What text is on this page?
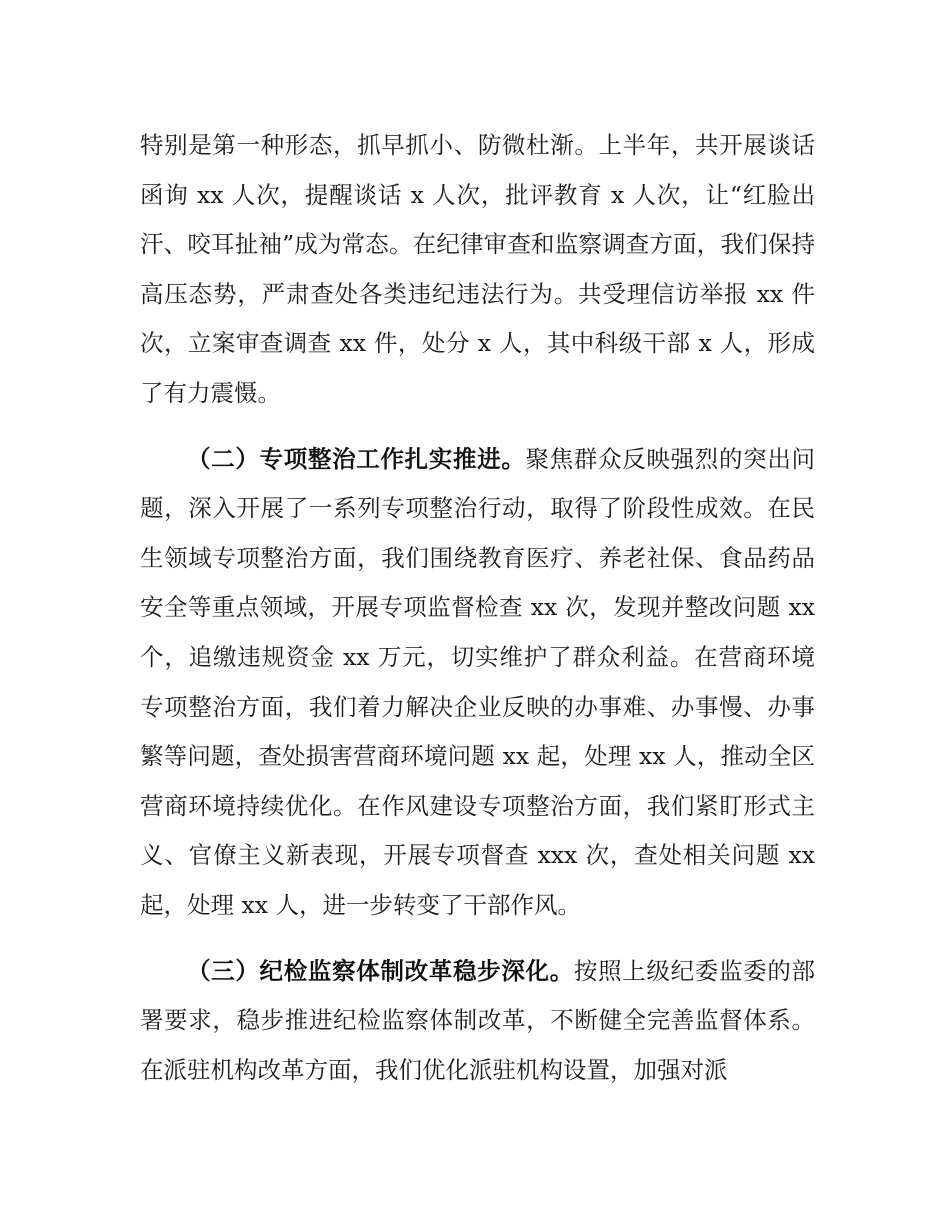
特别是第一种形态，抓早抓小、防微杜渐。上半年，共开展谈话函询 xx 人次，提醒谈话 x 人次，批评教育 x 人次，让“红脸出汗、咬耳扯袖”成为常态。在纪律审查和监察调查方面，我们保持高压态势，严肃查处各类违纪违法行为。共受理信访举报 xx 件次，立案审查调查 xx 件，处分 x 人，其中科级干部 x 人，形成了有力震慑。

（二）专项整治工作扎实推进。聚焦群众反映强烈的突出问题，深入开展了一系列专项整治行动，取得了阶段性成效。在民生领域专项整治方面，我们围绕教育医疗、养老社保、食品药品安全等重点领域，开展专项监督检查 xx 次，发现并整改问题 xx 个，追缴违规资金 xx 万元，切实维护了群众利益。在营商环境专项整治方面，我们着力解决企业反映的办事难、办事慢、办事繁等问题，查处损害营商环境问题 xx 起，处理 xx 人，推动全区营商环境持续优化。在作风建设专项整治方面，我们紧盯形式主义、官僚主义新表现，开展专项督查 xxx 次，查处相关问题 xx 起，处理 xx 人，进一步转变了干部作风。

（三）纪检监察体制改革稳步深化。按照上级纪委监委的部署要求，稳步推进纪检监察体制改革，不断健全完善监督体系。在派驻机构改革方面，我们优化派驻机构设置，加强对派
